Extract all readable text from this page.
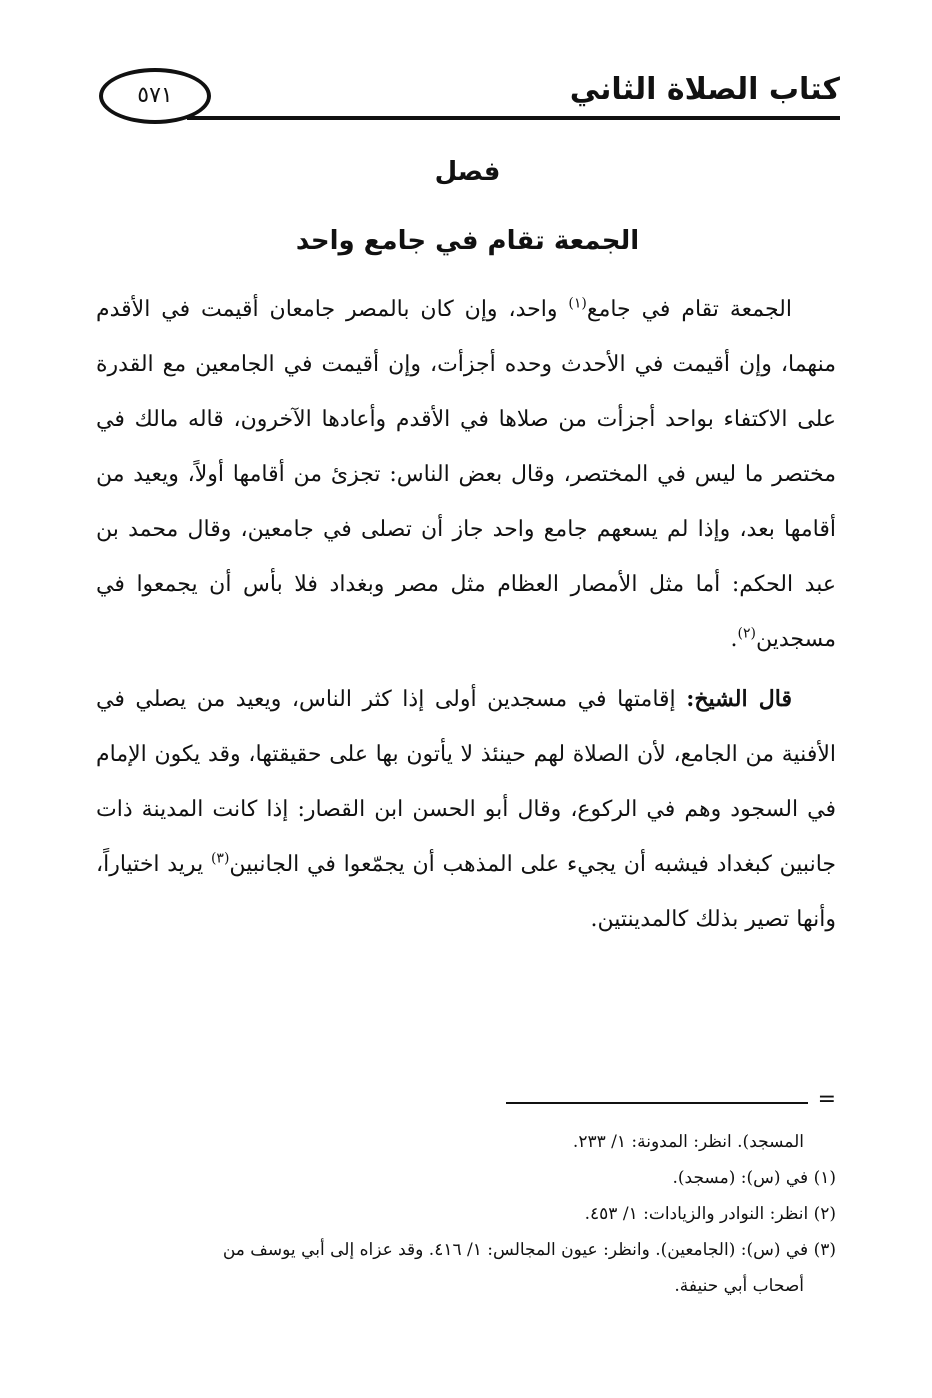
كتاب الصلاة الثاني
٥٧١
فصل
الجمعة تقام في جامع واحد

الجمعة تقام في جامع$^{(١)}$ واحد، وإن كان بالمصر جامعان أقيمت في الأقدم منهما، وإن أقيمت في الأحدث وحده أجزأت، وإن أقيمت في الجامعين مع القدرة على الاكتفاء بواحد أجزأت من صلاها في الأقدم وأعادها الآخرون، قاله مالك في مختصر ما ليس في المختصر، وقال بعض الناس: تجزئ من أقامها أولاً، ويعيد من أقامها بعد، وإذا لم يسعهم جامع واحد جاز أن تصلى في جامعين، وقال محمد بن عبد الحكم: أما مثل الأمصار العظام مثل مصر وبغداد فلا بأس أن يجمعوا في مسجدين$^{(٢)}$.

قال الشيخ: إقامتها في مسجدين أولى إذا كثر الناس، ويعيد من يصلي في الأفنية من الجامع، لأن الصلاة لهم حينئذ لا يأتون بها على حقيقتها، وقد يكون الإمام في السجود وهم في الركوع، وقال أبو الحسن ابن القصار: إذا كانت المدينة ذات جانبين كبغداد فيشبه أن يجيء على المذهب أن يجمّعوا في الجانبين$^{(٣)}$ يريد اختياراً، وأنها تصير بذلك كالمدينتين.

=

المسجد). انظر: المدونة: ١/ ٢٣٣.

(١) في (س): (مسجد).

(٢) انظر: النوادر والزيادات: ١/ ٤٥٣.

(٣) في (س): (الجامعين). وانظر: عيون المجالس: ١/ ٤١٦. وقد عزاه إلى أبي يوسف من

أصحاب أبي حنيفة.
